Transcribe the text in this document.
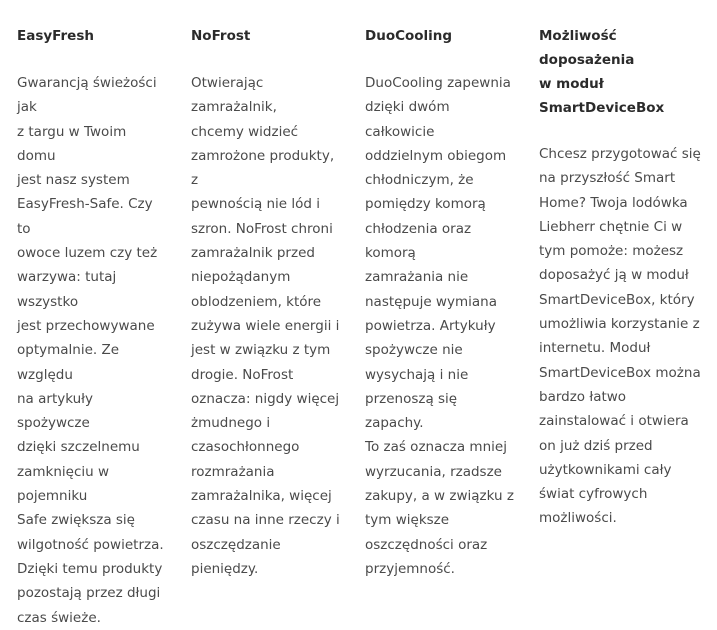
EasyFresh

Gwarancją świeżości jak
z targu w Twoim domu
jest nasz system
EasyFresh-Safe. Czy to
owoce luzem czy też
warzywa: tutaj wszystko
jest przechowywane
optymalnie. Ze względu
na artykuły spożywcze
dzięki szczelnemu
zamknięciu w pojemniku
Safe zwiększa się
wilgotność powietrza.
Dzięki temu produkty
pozostają przez długi
czas świeże.

NoFrost

Otwierając zamrażalnik,
chcemy widzieć
zamrożone produkty, z
pewnością nie lód i
szron. NoFrost chroni
zamrażalnik przed
niepożądanym
oblodzeniem, które
zużywa wiele energii i
jest w związku z tym
drogie. NoFrost
oznacza: nigdy więcej
żmudnego i
czasochłonnego
rozmrażania
zamrażalnika, więcej
czasu na inne rzeczy i
oszczędzanie pieniędzy.

DuoCooling

DuoCooling zapewnia
dzięki dwóm całkowicie
oddzielnym obiegom
chłodniczym, że
pomiędzy komorą
chłodzenia oraz komorą
zamrażania nie
następuje wymiana
powietrza. Artykuły
spożywcze nie
wysychają i nie
przenoszą się zapachy.
To zaś oznacza mniej
wyrzucania, rzadsze
zakupy, a w związku z
tym większe
oszczędności oraz
przyjemność.

Możliwość doposażenia
w moduł
SmartDeviceBox

Chcesz przygotować się
na przyszłość Smart
Home? Twoja lodówka
Liebherr chętnie Ci w
tym pomoże: możesz
doposażyć ją w moduł
SmartDeviceBox, który
umożliwia korzystanie z
internetu. Moduł
SmartDeviceBox można
bardzo łatwo
zainstalować i otwiera
on już dziś przed
użytkownikami cały
świat cyfrowych
możliwości.
